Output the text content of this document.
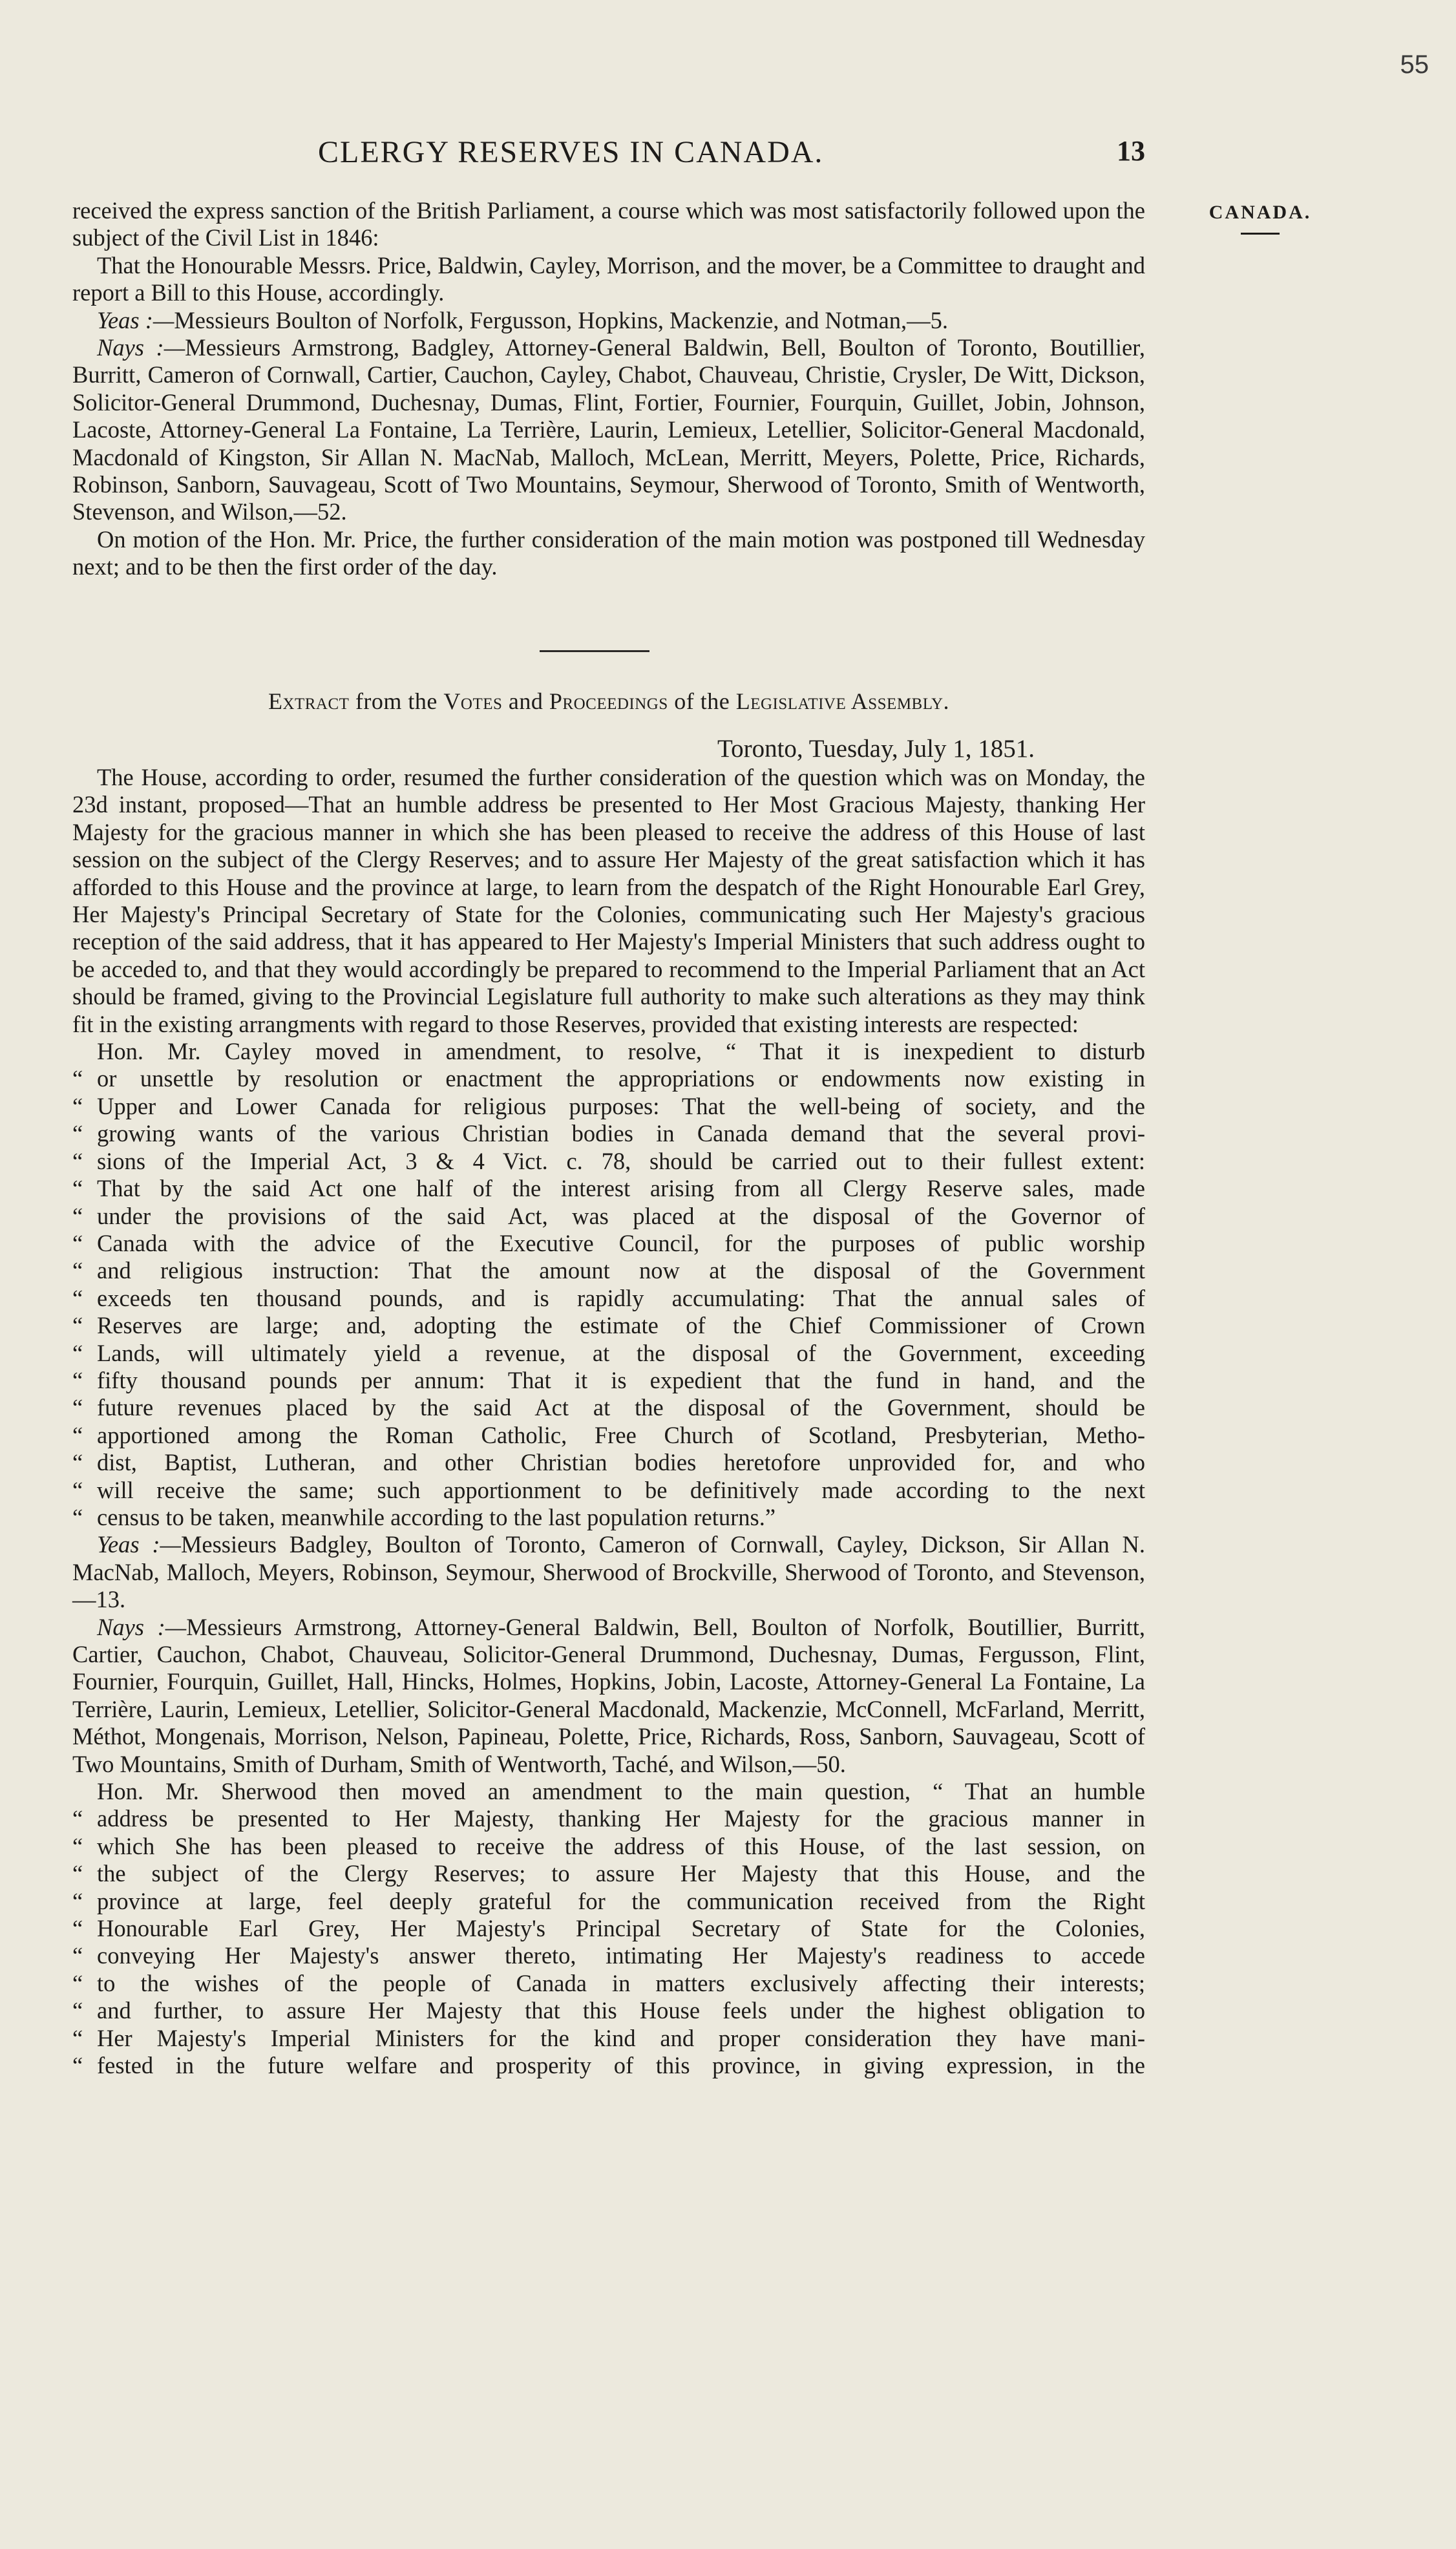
55
CLERGY RESERVES IN CANADA.	13
CANADA.

received the express sanction of the British Parliament, a course which was most satisfactorily followed upon the subject of the Civil List in 1846:

That the Honourable Messrs. Price, Baldwin, Cayley, Morrison, and the mover, be a Committee to draught and report a Bill to this House, accordingly.

Yeas :—Messieurs Boulton of Norfolk, Fergusson, Hopkins, Mackenzie, and Notman,—5.

Nays :—Messieurs Armstrong, Badgley, Attorney-General Baldwin, Bell, Boulton of Toronto, Boutillier, Burritt, Cameron of Cornwall, Cartier, Cauchon, Cayley, Chabot, Chauveau, Christie, Crysler, De Witt, Dickson, Solicitor-General Drummond, Duchesnay, Dumas, Flint, Fortier, Fournier, Fourquin, Guillet, Jobin, Johnson, Lacoste, Attorney-General La Fontaine, La Terrière, Laurin, Lemieux, Letellier, Solicitor-General Macdonald, Macdonald of Kingston, Sir Allan N. MacNab, Malloch, McLean, Merritt, Meyers, Polette, Price, Richards, Robinson, Sanborn, Sauvageau, Scott of Two Mountains, Seymour, Sherwood of Toronto, Smith of Wentworth, Stevenson, and Wilson,—52.

On motion of the Hon. Mr. Price, the further consideration of the main motion was postponed till Wednesday next; and to be then the first order of the day.

Extract from the Votes and Proceedings of the Legislative Assembly.
Toronto, Tuesday, July 1, 1851.

The House, according to order, resumed the further consideration of the question which was on Monday, the 23d instant, proposed—That an humble address be presented to Her Most Gracious Majesty, thanking Her Majesty for the gracious manner in which she has been pleased to receive the address of this House of last session on the subject of the Clergy Reserves; and to assure Her Majesty of the great satisfaction which it has afforded to this House and the province at large, to learn from the despatch of the Right Honourable Earl Grey, Her Majesty's Principal Secretary of State for the Colonies, communicating such Her Majesty's gracious reception of the said address, that it has appeared to Her Majesty's Imperial Ministers that such address ought to be acceded to, and that they would accordingly be prepared to recommend to the Imperial Parliament that an Act should be framed, giving to the Provincial Legislature full authority to make such alterations as they may think fit in the existing arrangments with regard to those Reserves, provided that existing interests are respected:

Hon. Mr. Cayley moved in amendment, to resolve, “ That it is inexpedient to disturb
“ or unsettle by resolution or enactment the appropriations or endowments now existing in
“ Upper and Lower Canada for religious purposes: That the well-being of society, and the
“ growing wants of the various Christian bodies in Canada demand that the several provi-
“ sions of the Imperial Act, 3 & 4 Vict. c. 78, should be carried out to their fullest extent:
“ That by the said Act one half of the interest arising from all Clergy Reserve sales, made
“ under the provisions of the said Act, was placed at the disposal of the Governor of
“ Canada with the advice of the Executive Council, for the purposes of public worship
“ and religious instruction: That the amount now at the disposal of the Government
“ exceeds ten thousand pounds, and is rapidly accumulating: That the annual sales of
“ Reserves are large; and, adopting the estimate of the Chief Commissioner of Crown
“ Lands, will ultimately yield a revenue, at the disposal of the Government, exceeding
“ fifty thousand pounds per annum: That it is expedient that the fund in hand, and the
“ future revenues placed by the said Act at the disposal of the Government, should be
“ apportioned among the Roman Catholic, Free Church of Scotland, Presbyterian, Metho-
“ dist, Baptist, Lutheran, and other Christian bodies heretofore unprovided for, and who
“ will receive the same; such apportionment to be definitively made according to the next
“ census to be taken, meanwhile according to the last population returns.”

Yeas :—Messieurs Badgley, Boulton of Toronto, Cameron of Cornwall, Cayley, Dickson, Sir Allan N. MacNab, Malloch, Meyers, Robinson, Seymour, Sherwood of Brockville, Sherwood of Toronto, and Stevenson,—13.

Nays :—Messieurs Armstrong, Attorney-General Baldwin, Bell, Boulton of Norfolk, Boutillier, Burritt, Cartier, Cauchon, Chabot, Chauveau, Solicitor-General Drummond, Duchesnay, Dumas, Fergusson, Flint, Fournier, Fourquin, Guillet, Hall, Hincks, Holmes, Hopkins, Jobin, Lacoste, Attorney-General La Fontaine, La Terrière, Laurin, Lemieux, Letellier, Solicitor-General Macdonald, Mackenzie, McConnell, McFarland, Merritt, Méthot, Mongenais, Morrison, Nelson, Papineau, Polette, Price, Richards, Ross, Sanborn, Sauvageau, Scott of Two Mountains, Smith of Durham, Smith of Wentworth, Taché, and Wilson,—50.

Hon. Mr. Sherwood then moved an amendment to the main question, “ That an humble
“ address be presented to Her Majesty, thanking Her Majesty for the gracious manner in
“ which She has been pleased to receive the address of this House, of the last session, on
“ the subject of the Clergy Reserves; to assure Her Majesty that this House, and the
“ province at large, feel deeply grateful for the communication received from the Right
“ Honourable Earl Grey, Her Majesty's Principal Secretary of State for the Colonies,
“ conveying Her Majesty's answer thereto, intimating Her Majesty's readiness to accede
“ to the wishes of the people of Canada in matters exclusively affecting their interests;
“ and further, to assure Her Majesty that this House feels under the highest obligation to
“ Her Majesty's Imperial Ministers for the kind and proper consideration they have mani-
“ fested in the future welfare and prosperity of this province, in giving expression, in the
